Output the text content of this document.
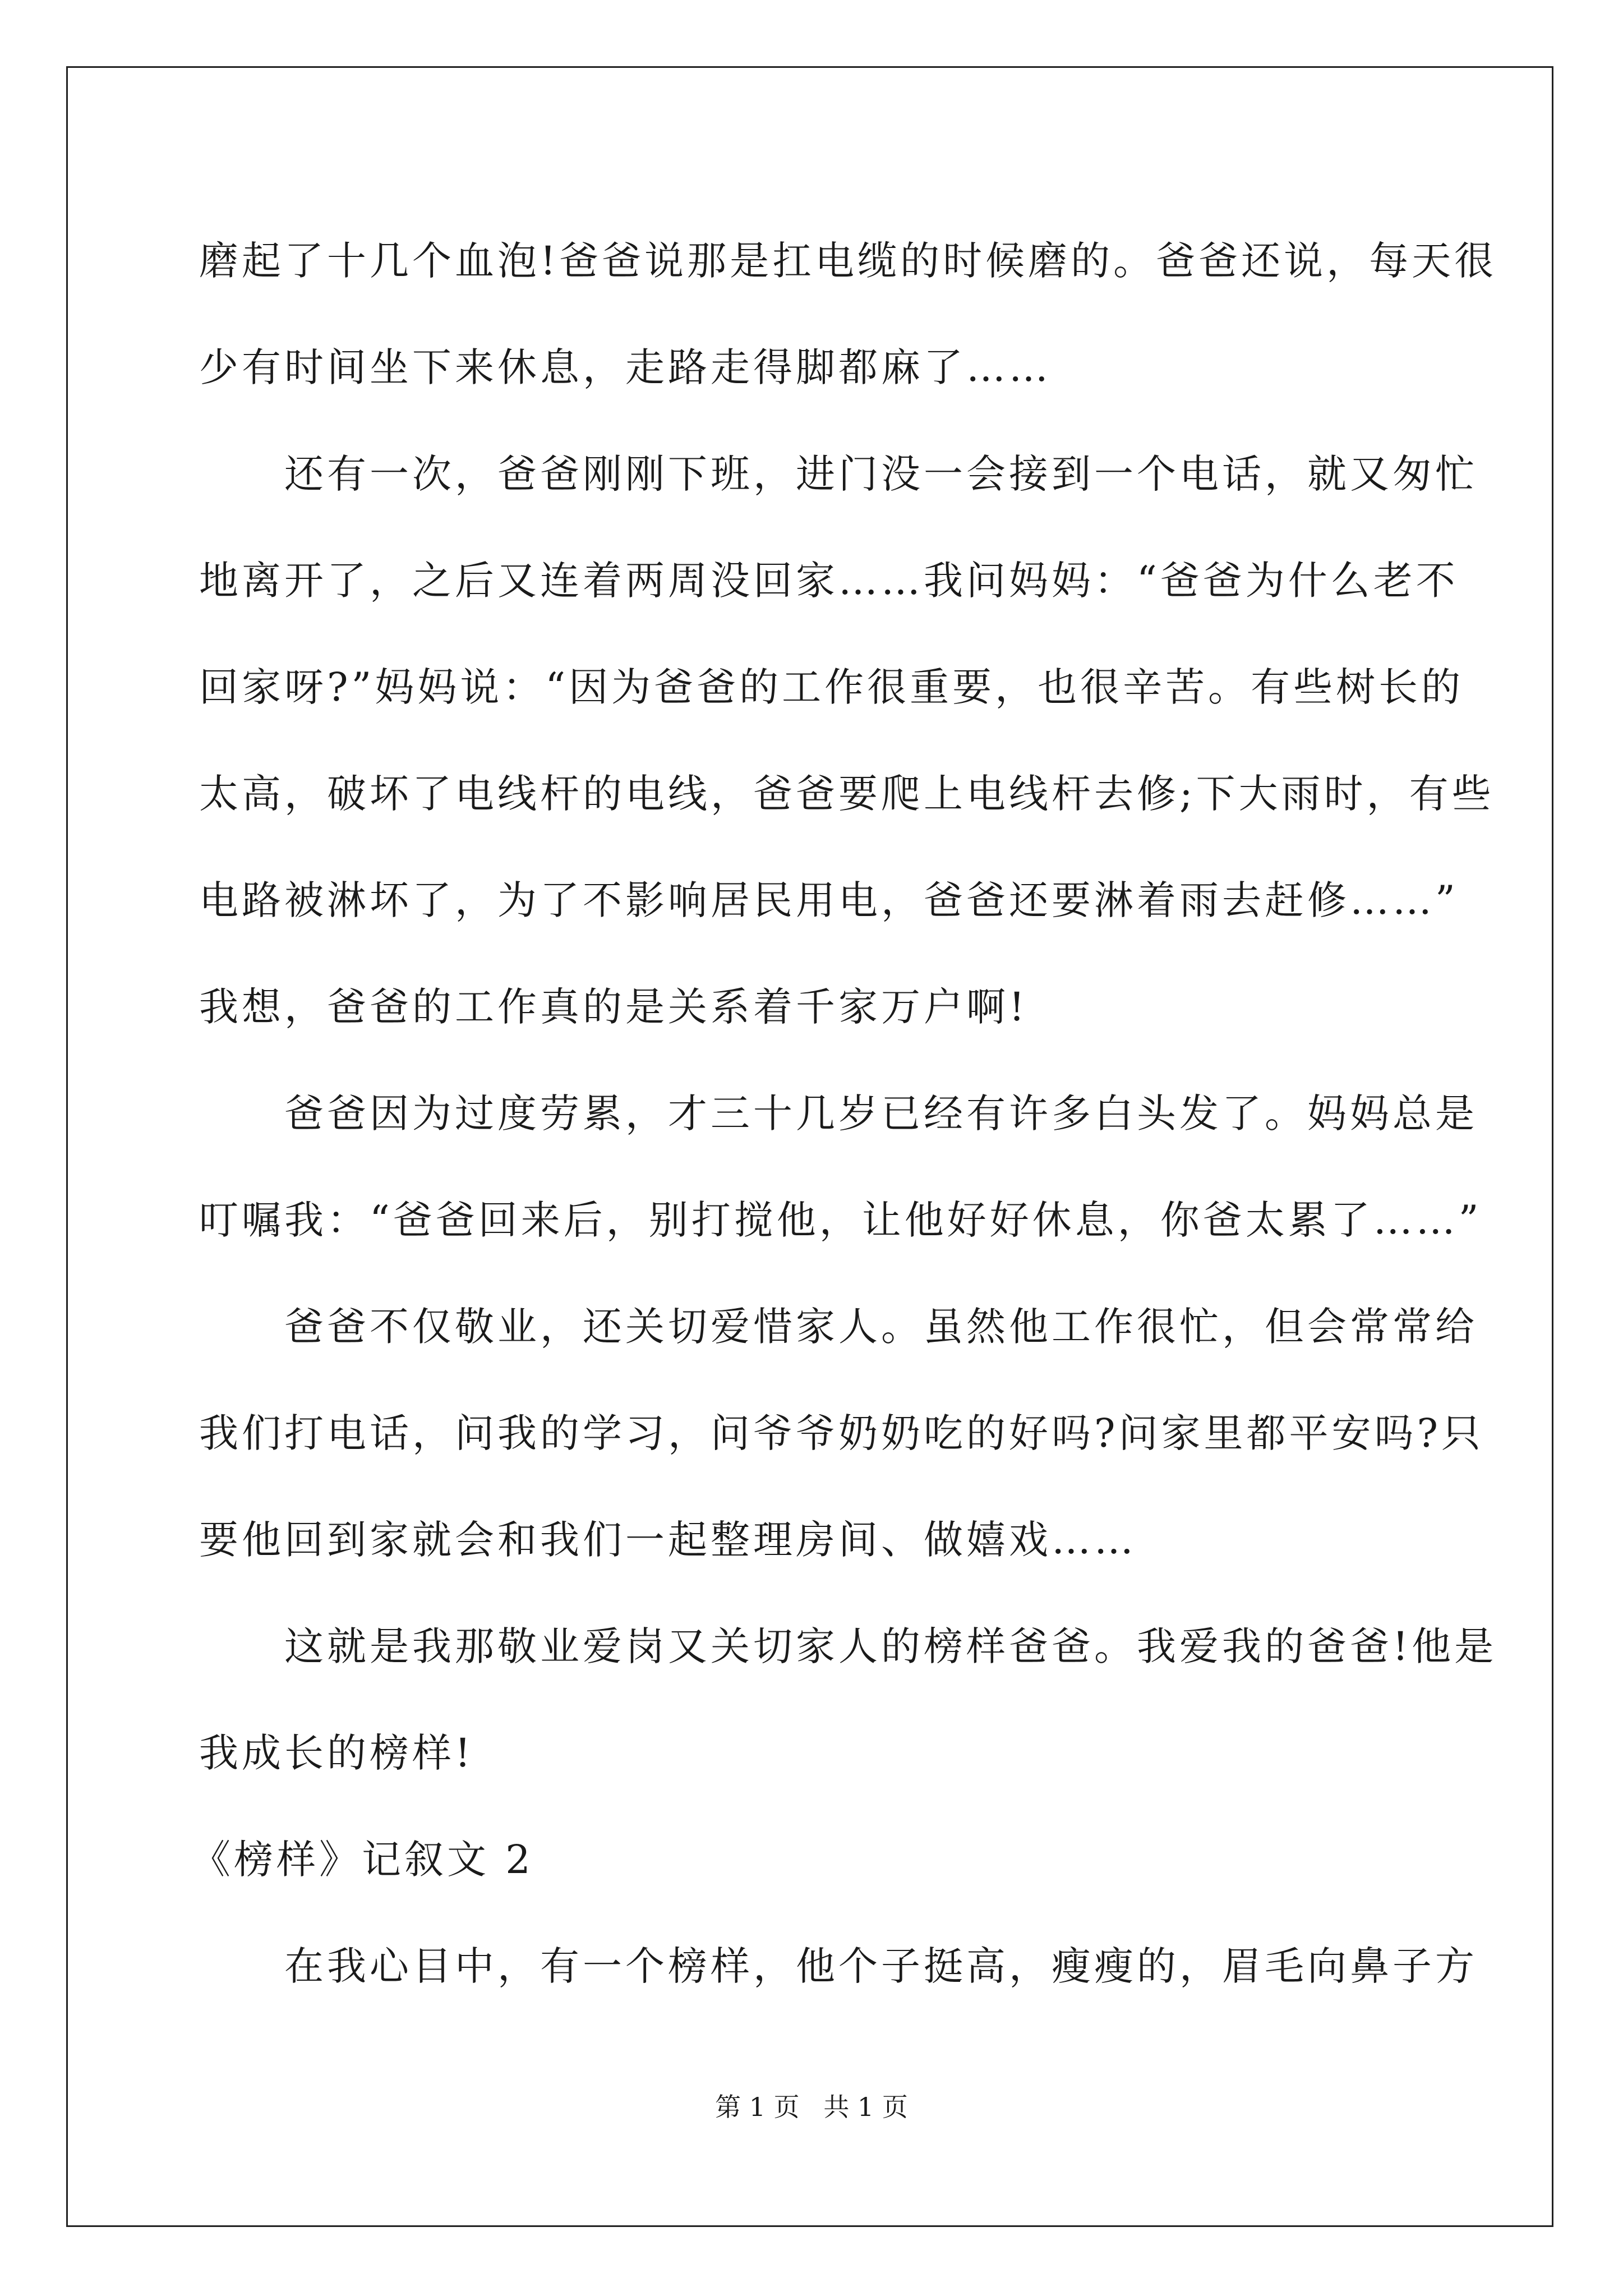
磨起了十几个血泡!爸爸说那是扛电缆的时候磨的。爸爸还说，每天很
少有时间坐下来休息，走路走得脚都麻了……
还有一次，爸爸刚刚下班，进门没一会接到一个电话，就又匆忙
地离开了，之后又连着两周没回家……我问妈妈：“爸爸为什么老不
回家呀?”妈妈说：“因为爸爸的工作很重要，也很辛苦。有些树长的
太高，破坏了电线杆的电线，爸爸要爬上电线杆去修;下大雨时，有些
电路被淋坏了，为了不影响居民用电，爸爸还要淋着雨去赶修……”
我想，爸爸的工作真的是关系着千家万户啊!
爸爸因为过度劳累，才三十几岁已经有许多白头发了。妈妈总是
叮嘱我：“爸爸回来后，别打搅他，让他好好休息，你爸太累了……”
爸爸不仅敬业，还关切爱惜家人。虽然他工作很忙，但会常常给
我们打电话，问我的学习，问爷爷奶奶吃的好吗?问家里都平安吗?只
要他回到家就会和我们一起整理房间、做嬉戏……
这就是我那敬业爱岗又关切家人的榜样爸爸。我爱我的爸爸!他是
我成长的榜样!
《榜样》记叙文 2
在我心目中，有一个榜样，他个子挺高，瘦瘦的，眉毛向鼻子方
第 1 页 共 1 页
